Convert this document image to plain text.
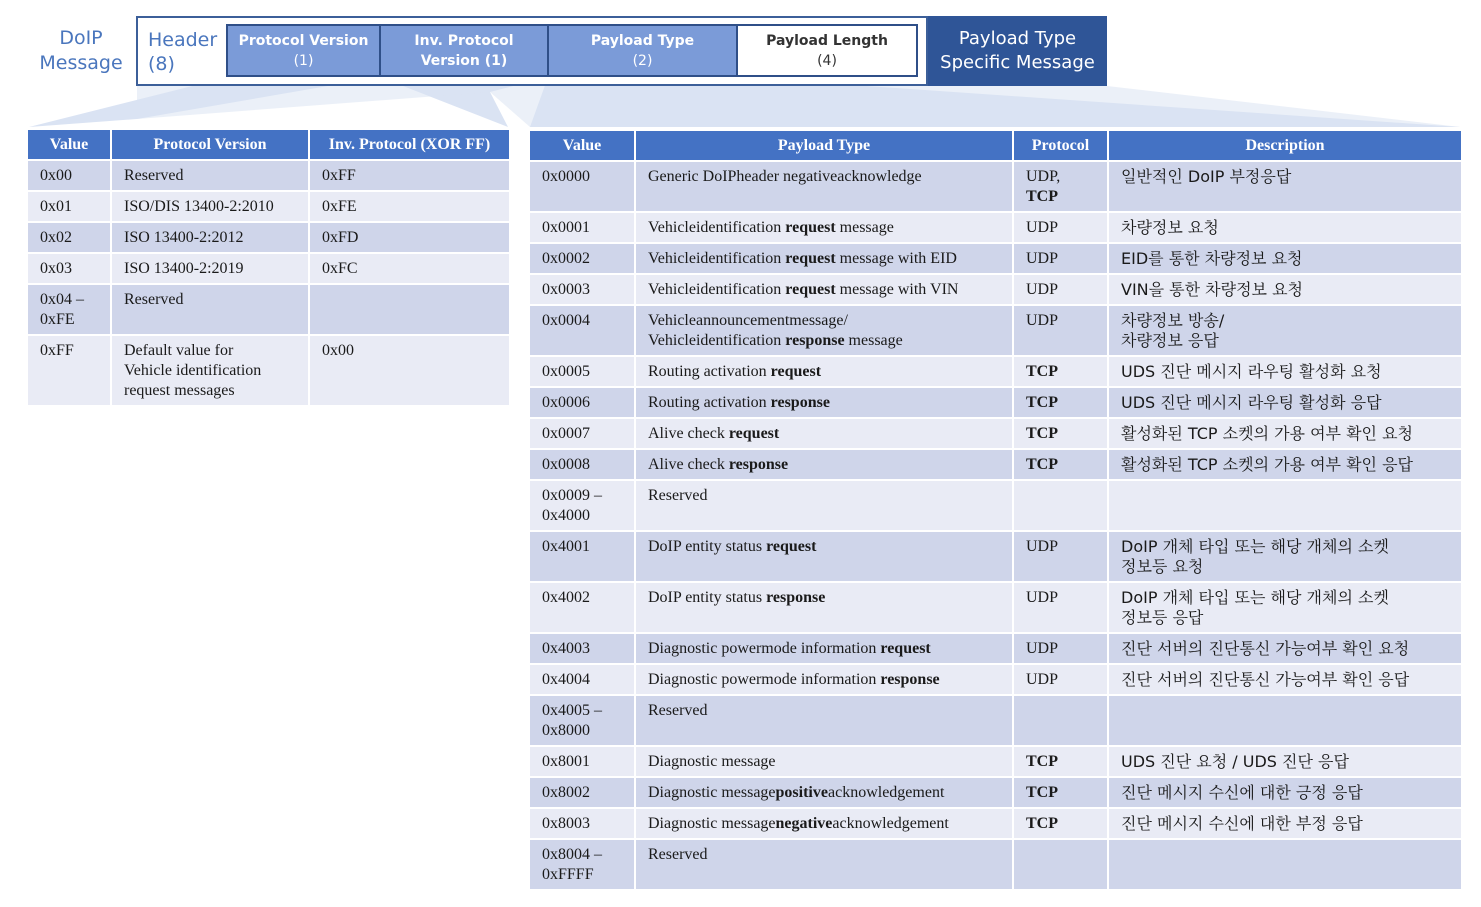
DoIP
Message
Header
(8)
Protocol Version
(1)
Inv. Protocol
Version (1)
Payload Type
(2)
Payload Length
(4)
Payload Type
Specific Message
Value	Protocol Version	Inv. Protocol (XOR FF)
0x00	Reserved	0xFF
0x01	ISO/DIS 13400-2:2010	0xFE
0x02	ISO 13400-2:2012	0xFD
0x03	ISO 13400-2:2019	0xFC
0x04 –
0xFE	Reserved	
0xFF	Default value for
Vehicle identification
request messages	0x00
Value	Payload Type	Protocol	Description
0x0000	Generic DoIPheader negativeacknowledge	UDP, TCP	일반적인 DoIP 부정응답
0x0001	Vehicleidentification request message	UDP	차량정보 요청
0x0002	Vehicleidentification request message with EID	UDP	EID를 통한 차량정보 요청
0x0003	Vehicleidentification request message with VIN	UDP	VIN을 통한 차량정보 요청
0x0004	Vehicleannouncementmessage/
Vehicleidentification response message	UDP	차량정보 방송/
차량정보 응답
0x0005	Routing activation request	TCP	UDS 진단 메시지 라우팅 활성화 요청
0x0006	Routing activation response	TCP	UDS 진단 메시지 라우팅 활성화 응답
0x0007	Alive check request	TCP	활성화된 TCP 소켓의 가용 여부 확인 요청
0x0008	Alive check response	TCP	활성화된 TCP 소켓의 가용 여부 확인 응답
0x0009 –
0x4000	Reserved		
0x4001	DoIP entity status request	UDP	DoIP 개체 타입 또는 해당 개체의 소켓
정보등 요청
0x4002	DoIP entity status response	UDP	DoIP 개체 타입 또는 해당 개체의 소켓
정보등 응답
0x4003	Diagnostic powermode information request	UDP	진단 서버의 진단통신 가능여부 확인 요청
0x4004	Diagnostic powermode information response	UDP	진단 서버의 진단통신 가능여부 확인 응답
0x4005 –
0x8000	Reserved		
0x8001	Diagnostic message	TCP	UDS 진단 요청 / UDS 진단 응답
0x8002	Diagnostic messagepositiveacknowledgement	TCP	진단 메시지 수신에 대한 긍정 응답
0x8003	Diagnostic messagenegativeacknowledgement	TCP	진단 메시지 수신에 대한 부정 응답
0x8004 –
0xFFFF	Reserved		
